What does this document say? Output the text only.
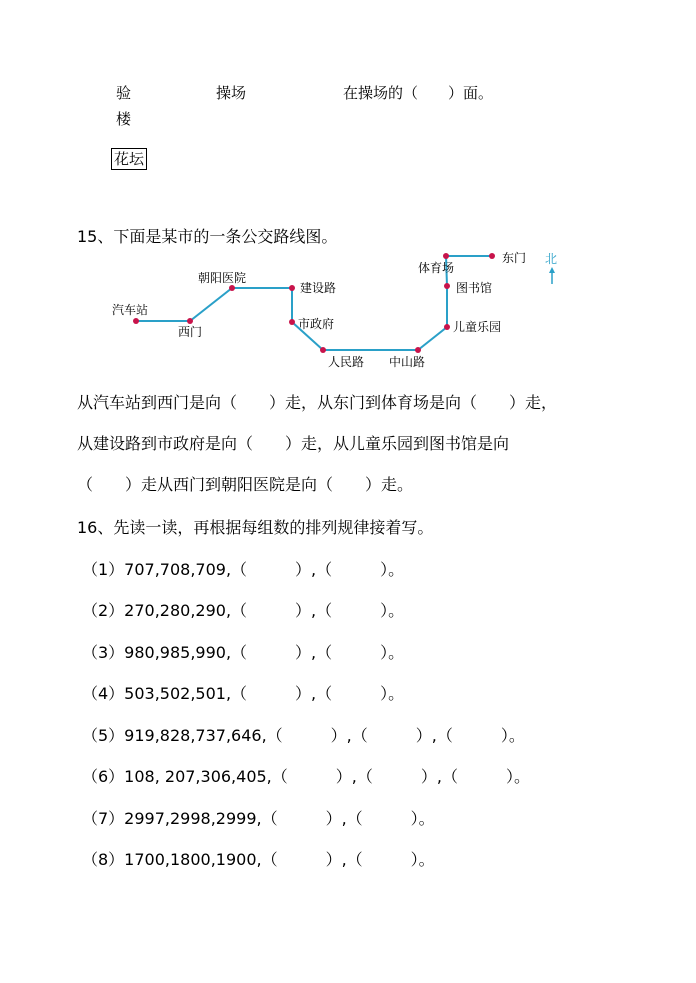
验
楼
操场	在操场的（　　）面。
花坛
15、下面是某市的一条公交路线图。
汽车站
西门
朝阳医院
建设路
市政府
人民路 中山路
儿童乐园
图书馆
体育场
东门 北
从汽车站到西门是向（　　）走，从东门到体育场是向（　　）走，
从建设路到市政府是向（　　）走，从儿童乐园到图书馆是向
（　　）走从西门到朝阳医院是向（　　）走。
16、先读一读，再根据每组数的排列规律接着写。
（1）707,708,709,（　　　）,（　　　）。
（2）270,280,290,（　　　）,（　　　）。
（3）980,985,990,（　　　）,（　　　）。
（4）503,502,501,（　　　）,（　　　）。
（5）919,828,737,646,（　　　）,（　　　）,（　　　）。
（6）108, 207,306,405,（　　　）,（　　　）,（　　　）。
（7）2997,2998,2999,（　　　）,（　　　）。
（8）1700,1800,1900,（　　　）,（　　　）。
